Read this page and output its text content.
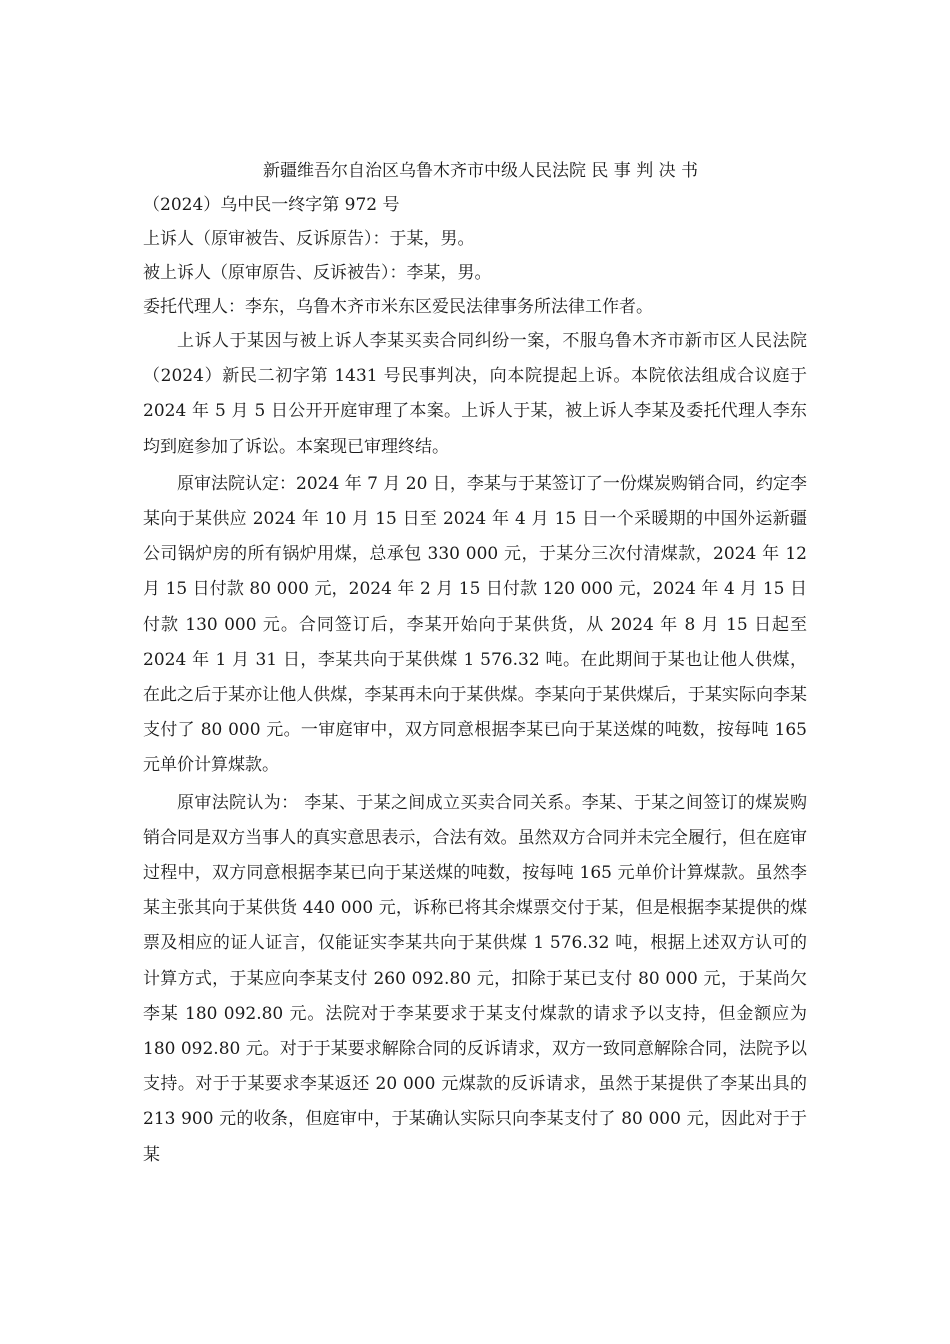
新疆维吾尔自治区乌鲁木齐市中级人民法院 民 事 判 决 书
（2024）乌中民一终字第 972 号
上诉人（原审被告、反诉原告）：于某，男。
被上诉人（原审原告、反诉被告）：李某，男。
委托代理人：李东，乌鲁木齐市米东区爱民法律事务所法律工作者。

上诉人于某因与被上诉人李某买卖合同纠纷一案，不服乌鲁木齐市新市区人民法院（2024）新民二初字第 1431 号民事判决，向本院提起上诉。本院依法组成合议庭于 2024 年 5 月 5 日公开开庭审理了本案。上诉人于某，被上诉人李某及委托代理人李东均到庭参加了诉讼。本案现已审理终结。

原审法院认定：2024 年 7 月 20 日，李某与于某签订了一份煤炭购销合同，约定李某向于某供应 2024 年 10 月 15 日至 2024 年 4 月 15 日一个采暖期的中国外运新疆公司锅炉房的所有锅炉用煤，总承包 330 000 元，于某分三次付清煤款，2024 年 12 月 15 日付款 80 000 元，2024 年 2 月 15 日付款 120 000 元，2024 年 4 月 15 日付款 130 000 元。合同签订后，李某开始向于某供货，从 2024 年 8 月 15 日起至 2024 年 1 月 31 日，李某共向于某供煤 1 576.32 吨。在此期间于某也让他人供煤，在此之后于某亦让他人供煤，李某再未向于某供煤。李某向于某供煤后，于某实际向李某支付了 80 000 元。一审庭审中，双方同意根据李某已向于某送煤的吨数，按每吨 165 元单价计算煤款。

原审法院认为： 李某、于某之间成立买卖合同关系。李某、于某之间签订的煤炭购销合同是双方当事人的真实意思表示，合法有效。虽然双方合同并未完全履行，但在庭审过程中，双方同意根据李某已向于某送煤的吨数，按每吨 165 元单价计算煤款。虽然李某主张其向于某供货 440 000 元，诉称已将其余煤票交付于某，但是根据李某提供的煤票及相应的证人证言，仅能证实李某共向于某供煤 1 576.32 吨，根据上述双方认可的计算方式，于某应向李某支付 260 092.80 元，扣除于某已支付 80 000 元，于某尚欠李某 180 092.80 元。法院对于李某要求于某支付煤款的请求予以支持，但金额应为 180 092.80 元。对于于某要求解除合同的反诉请求，双方一致同意解除合同，法院予以支持。对于于某要求李某返还 20 000 元煤款的反诉请求，虽然于某提供了李某出具的 213 900 元的收条，但庭审中，于某确认实际只向李某支付了 80 000 元，因此对于于某
